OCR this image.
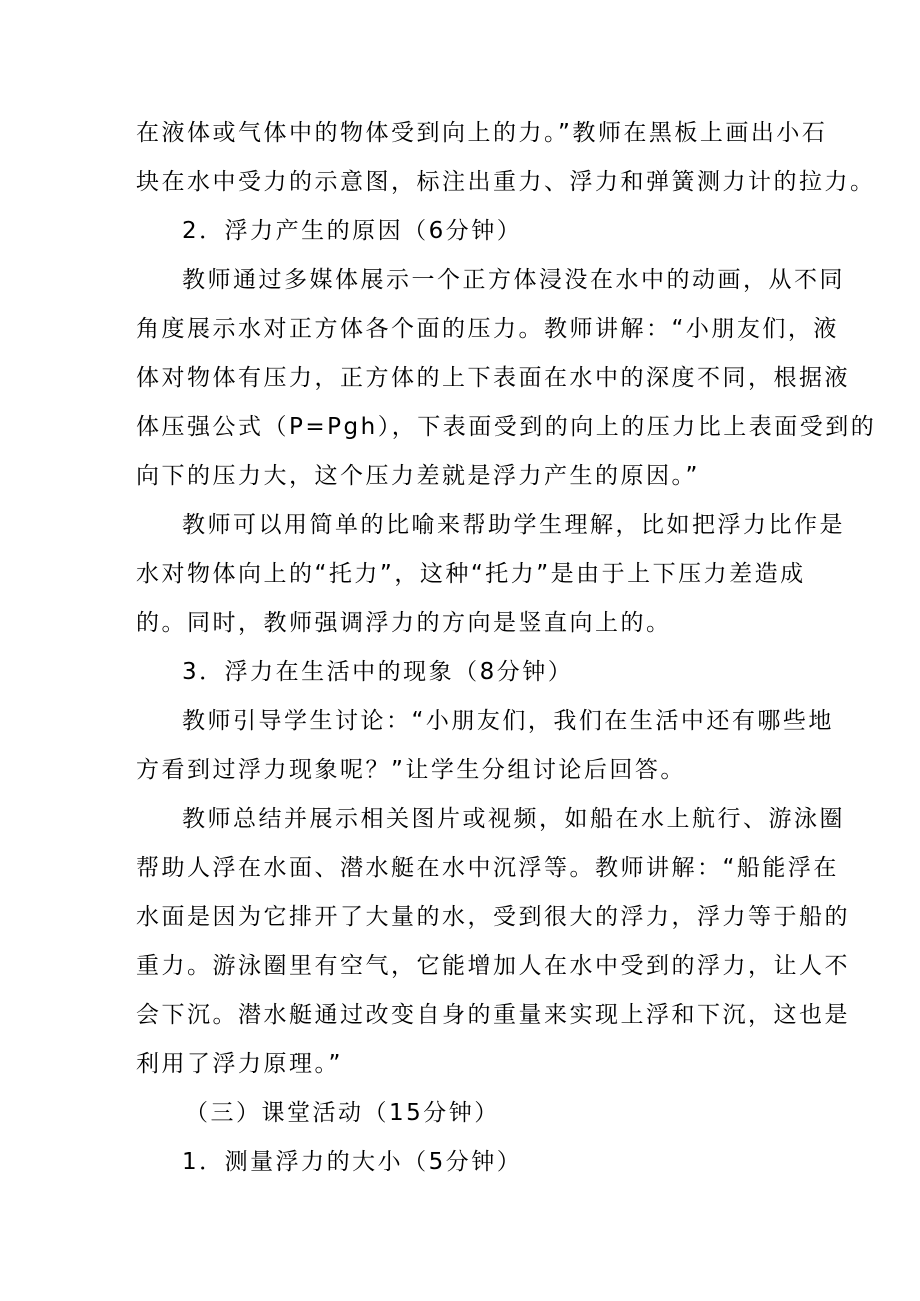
在液体或气体中的物体受到向上的力。”教师在黑板上画出小石
块在水中受力的示意图，标注出重力、浮力和弹簧测力计的拉力。
2．浮力产生的原因（6分钟）
教师通过多媒体展示一个正方体浸没在水中的动画，从不同
角度展示水对正方体各个面的压力。教师讲解：“小朋友们，液
体对物体有压力，正方体的上下表面在水中的深度不同，根据液
体压强公式（P=Pgh），下表面受到的向上的压力比上表面受到的
向下的压力大，这个压力差就是浮力产生的原因。”
教师可以用简单的比喻来帮助学生理解，比如把浮力比作是
水对物体向上的“托力”，这种“托力”是由于上下压力差造成
的。同时，教师强调浮力的方向是竖直向上的。
3．浮力在生活中的现象（8分钟）
教师引导学生讨论：“小朋友们，我们在生活中还有哪些地
方看到过浮力现象呢？”让学生分组讨论后回答。
教师总结并展示相关图片或视频，如船在水上航行、游泳圈
帮助人浮在水面、潜水艇在水中沉浮等。教师讲解：“船能浮在
水面是因为它排开了大量的水，受到很大的浮力，浮力等于船的
重力。游泳圈里有空气，它能增加人在水中受到的浮力，让人不
会下沉。潜水艇通过改变自身的重量来实现上浮和下沉，这也是
利用了浮力原理。”
（三）课堂活动（15分钟）
1．测量浮力的大小（5分钟）
